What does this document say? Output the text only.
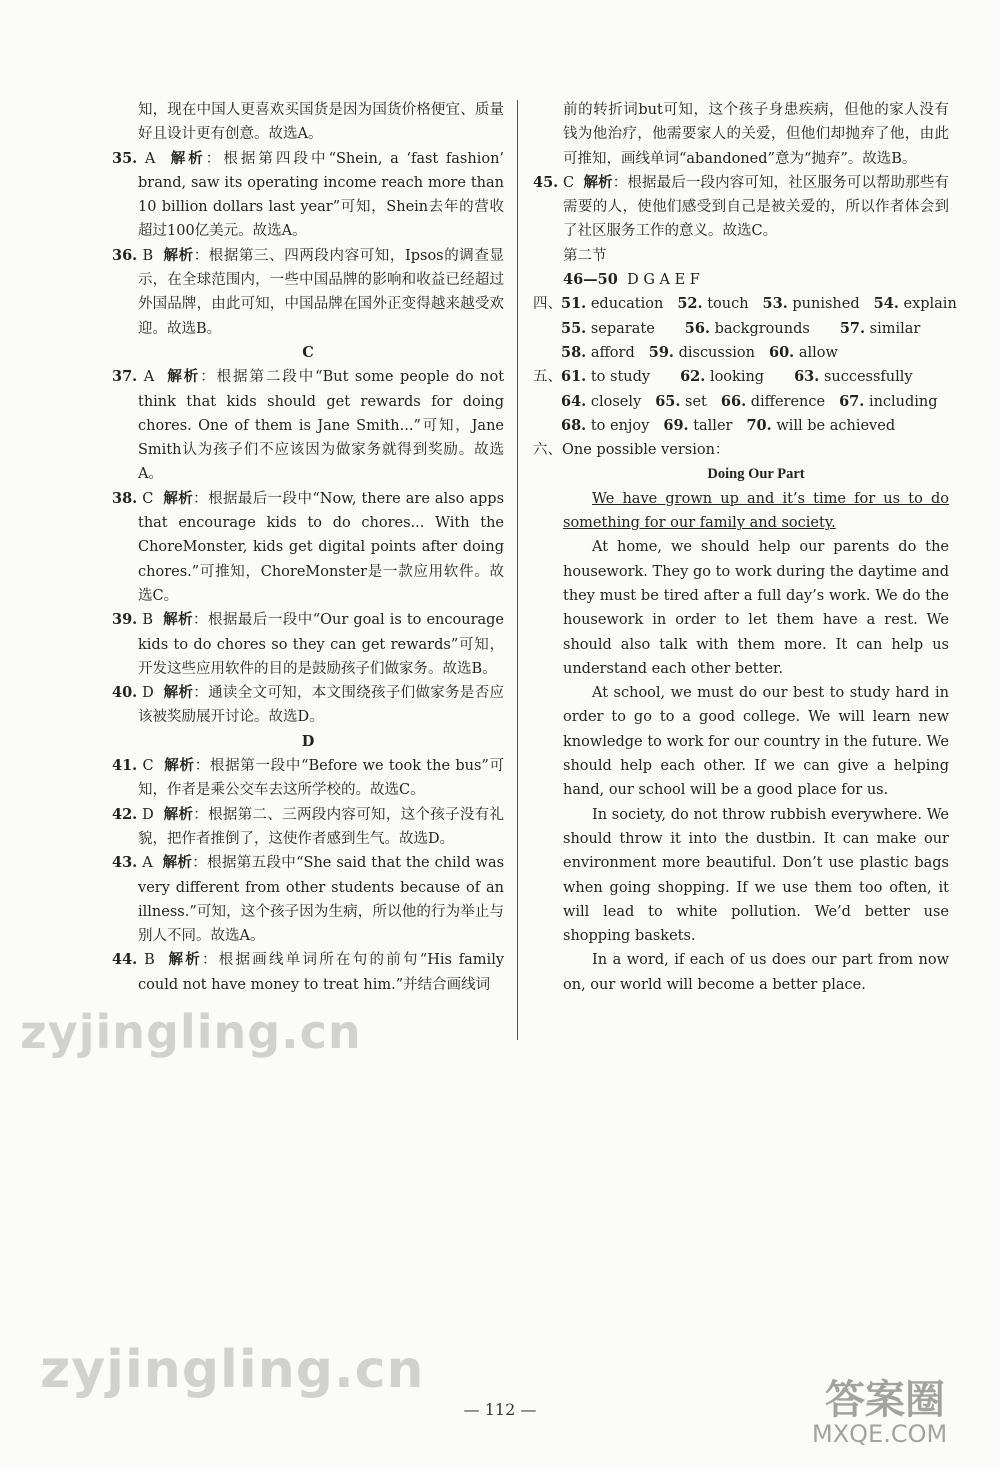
知，现在中国人更喜欢买国货是因为国货价格便宜、质量好且设计更有创意。故选A。

35. A 解析：根据第四段中“Shein, a ‘fast fashion’ brand, saw its operating income reach more than 10 billion dollars last year”可知，Shein去年的营收超过100亿美元。故选A。

36. B 解析：根据第三、四两段内容可知，Ipsos的调查显示，在全球范围内，一些中国品牌的影响和收益已经超过外国品牌，由此可知，中国品牌在国外正变得越来越受欢迎。故选B。

C

37. A 解析：根据第二段中“But some people do not think that kids should get rewards for doing chores. One of them is Jane Smith...”可知，Jane Smith认为孩子们不应该因为做家务就得到奖励。故选A。

38. C 解析：根据最后一段中“Now, there are also apps that encourage kids to do chores... With the ChoreMonster, kids get digital points after doing chores.”可推知，ChoreMonster是一款应用软件。故选C。

39. B 解析：根据最后一段中“Our goal is to encourage kids to do chores so they can get rewards”可知，开发这些应用软件的目的是鼓励孩子们做家务。故选B。

40. D 解析：通读全文可知，本文围绕孩子们做家务是否应该被奖励展开讨论。故选D。

D

41. C 解析：根据第一段中“Before we took the bus”可知，作者是乘公交车去这所学校的。故选C。

42. D 解析：根据第二、三两段内容可知，这个孩子没有礼貌，把作者推倒了，这使作者感到生气。故选D。

43. A 解析：根据第五段中“She said that the child was very different from other students because of an illness.”可知，这个孩子因为生病，所以他的行为举止与别人不同。故选A。

44. B 解析：根据画线单词所在句的前句“His family could not have money to treat him.”并结合画线词

前的转折词but可知，这个孩子身患疾病，但他的家人没有钱为他治疗，他需要家人的关爱，但他们却抛弃了他，由此可推知，画线单词“abandoned”意为“抛弃”。故选B。

45. C 解析：根据最后一段内容可知，社区服务可以帮助那些有需要的人，使他们感受到自己是被关爱的，所以作者体会到了社区服务工作的意义。故选C。

第二节

46—50 D G A E F

四、51. education 52. touch 53. punished 54. explain

55. separate 56. backgrounds 57. similar

58. afford 59. discussion 60. allow

五、61. to study 62. looking 63. successfully

64. closely 65. set 66. difference 67. including

68. to enjoy 69. taller 70. will be achieved

六、One possible version：

Doing Our Part

We have grown up and it’s time for us to do something for our family and society.

At home, we should help our parents do the housework. They go to work during the daytime and they must be tired after a full day’s work. We do the housework in order to let them have a rest. We should also talk with them more. It can help us understand each other better.

At school, we must do our best to study hard in order to go to a good college. We will learn new knowledge to work for our country in the future. We should help each other. If we can give a helping hand, our school will be a good place for us.

In society, do not throw rubbish everywhere. We should throw it into the dustbin. It can make our environment more beautiful. Don’t use plastic bags when going shopping. If we use them too often, it will lead to white pollution. We’d better use shopping baskets.

In a word, if each of us does our part from now on, our world will become a better place.

— 112 —
zyjingling.cn
zyjingling.cn	答案圈
MXQE.COM
